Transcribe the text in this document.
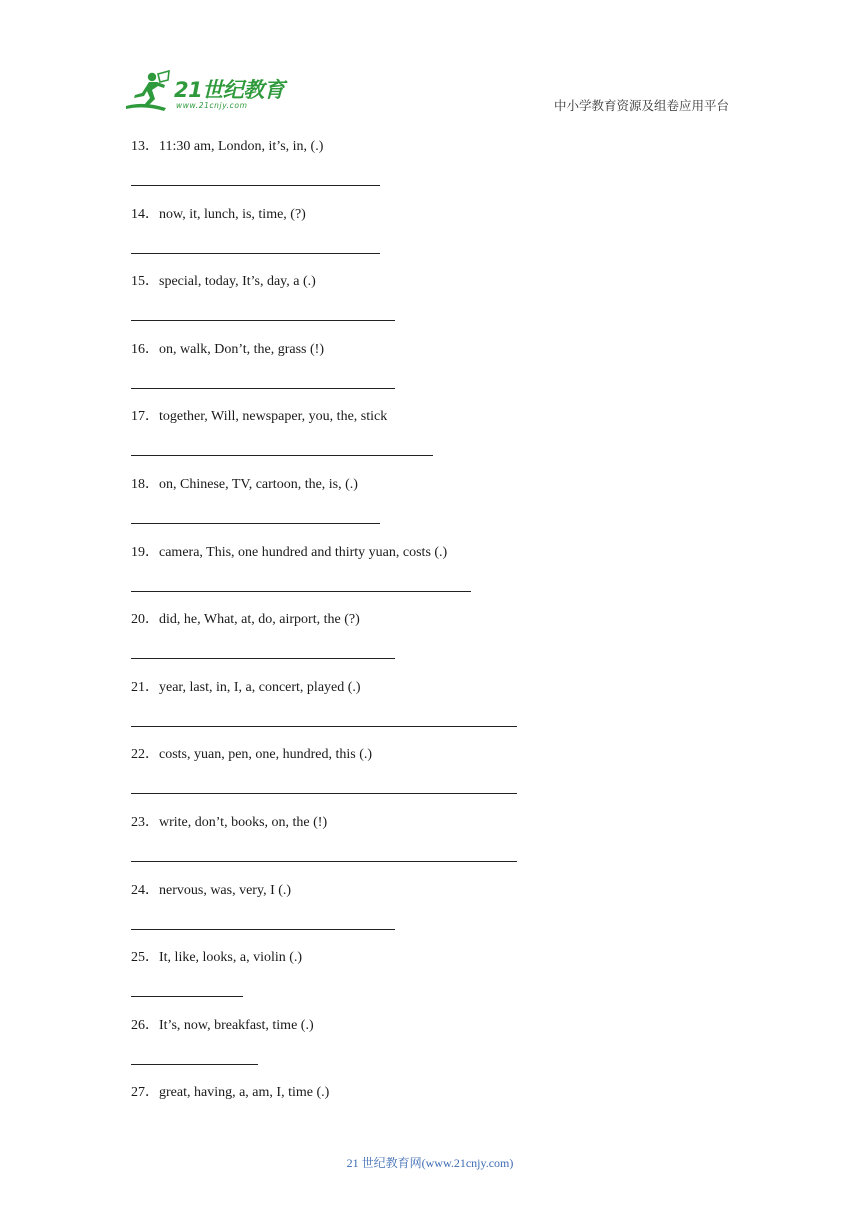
21世纪教育
www.21cnjy.com	中小学教育资源及组卷应用平台
13．11:30 am, London, it’s, in, (.)
14．now, it, lunch, is, time, (?)
15．special, today, It’s, day, a (.)
16．on, walk, Don’t, the, grass (!)
17．together, Will, newspaper, you, the, stick
18．on, Chinese, TV, cartoon, the, is, (.)
19．camera, This, one hundred and thirty yuan, costs (.)
20．did, he, What, at, do, airport, the (?)
21．year, last, in, I, a, concert, played (.)
22．costs, yuan, pen, one, hundred, this (.)
23．write, don’t, books, on, the (!)
24．nervous, was, very, I (.)
25．It, like, looks, a, violin (.)
26．It’s, now, breakfast, time (.)
27．great, having, a, am, I, time (.)
21 世纪教育网(www.21cnjy.com)
